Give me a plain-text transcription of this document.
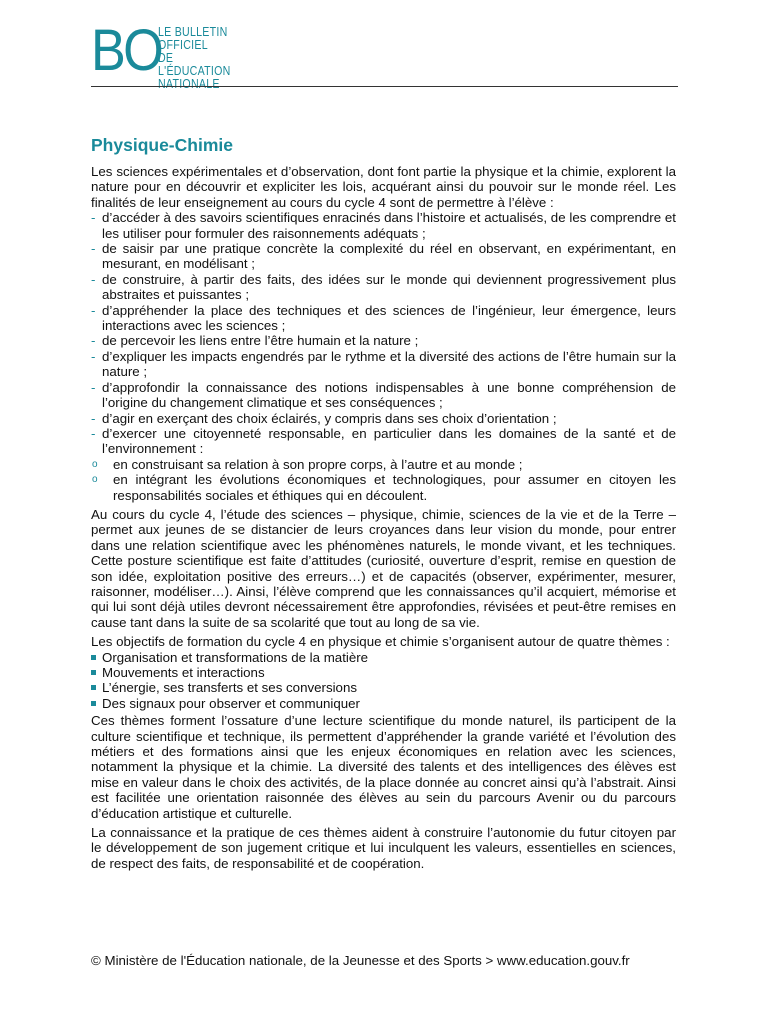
BO
LE BULLETIN
OFFICIEL
DE L'ÉDUCATION
NATIONALE
Physique-Chimie

Les sciences expérimentales et d’observation, dont font partie la physique et la chimie, explorent la nature pour en découvrir et expliciter les lois, acquérant ainsi du pouvoir sur le monde réel. Les finalités de leur enseignement au cours du cycle 4 sont de permettre à l’élève :

- d’accéder à des savoirs scientifiques enracinés dans l’histoire et actualisés, de les comprendre et les utiliser pour formuler des raisonnements adéquats ;
- de saisir par une pratique concrète la complexité du réel en observant, en expérimentant, en mesurant, en modélisant ;
- de construire, à partir des faits, des idées sur le monde qui deviennent progressivement plus abstraites et puissantes ;
- d’appréhender la place des techniques et des sciences de l’ingénieur, leur émergence, leurs interactions avec les sciences ;
- de percevoir les liens entre l’être humain et la nature ;
- d’expliquer les impacts engendrés par le rythme et la diversité des actions de l’être humain sur la nature ;
- d’approfondir la connaissance des notions indispensables à une bonne compréhension de l’origine du changement climatique et ses conséquences ;
- d’agir en exerçant des choix éclairés, y compris dans ses choix d’orientation ;
- d’exercer une citoyenneté responsable, en particulier dans les domaines de la santé et de l’environnement :
o en construisant sa relation à son propre corps, à l’autre et au monde ;
o en intégrant les évolutions économiques et technologiques, pour assumer en citoyen les responsabilités sociales et éthiques qui en découlent.

Au cours du cycle 4, l’étude des sciences – physique, chimie, sciences de la vie et de la Terre – permet aux jeunes de se distancier de leurs croyances dans leur vision du monde, pour entrer dans une relation scientifique avec les phénomènes naturels, le monde vivant, et les techniques. Cette posture scientifique est faite d’attitudes (curiosité, ouverture d’esprit, remise en question de son idée, exploitation positive des erreurs…) et de capacités (observer, expérimenter, mesurer, raisonner, modéliser…). Ainsi, l’élève comprend que les connaissances qu’il acquiert, mémorise et qui lui sont déjà utiles devront nécessairement être approfondies, révisées et peut-être remises en cause tant dans la suite de sa scolarité que tout au long de sa vie.

Les objectifs de formation du cycle 4 en physique et chimie s’organisent autour de quatre thèmes :

Organisation et transformations de la matière
Mouvements et interactions
L’énergie, ses transferts et ses conversions
Des signaux pour observer et communiquer

Ces thèmes forment l’ossature d’une lecture scientifique du monde naturel, ils participent de la culture scientifique et technique, ils permettent d’appréhender la grande variété et l’évolution des métiers et des formations ainsi que les enjeux économiques en relation avec les sciences, notamment la physique et la chimie. La diversité des talents et des intelligences des élèves est mise en valeur dans le choix des activités, de la place donnée au concret ainsi qu’à l’abstrait. Ainsi est facilitée une orientation raisonnée des élèves au sein du parcours Avenir ou du parcours d’éducation artistique et culturelle.

La connaissance et la pratique de ces thèmes aident à construire l’autonomie du futur citoyen par le développement de son jugement critique et lui inculquent les valeurs, essentielles en sciences, de respect des faits, de responsabilité et de coopération.

© Ministère de l'Éducation nationale, de la Jeunesse et des Sports > www.education.gouv.fr
